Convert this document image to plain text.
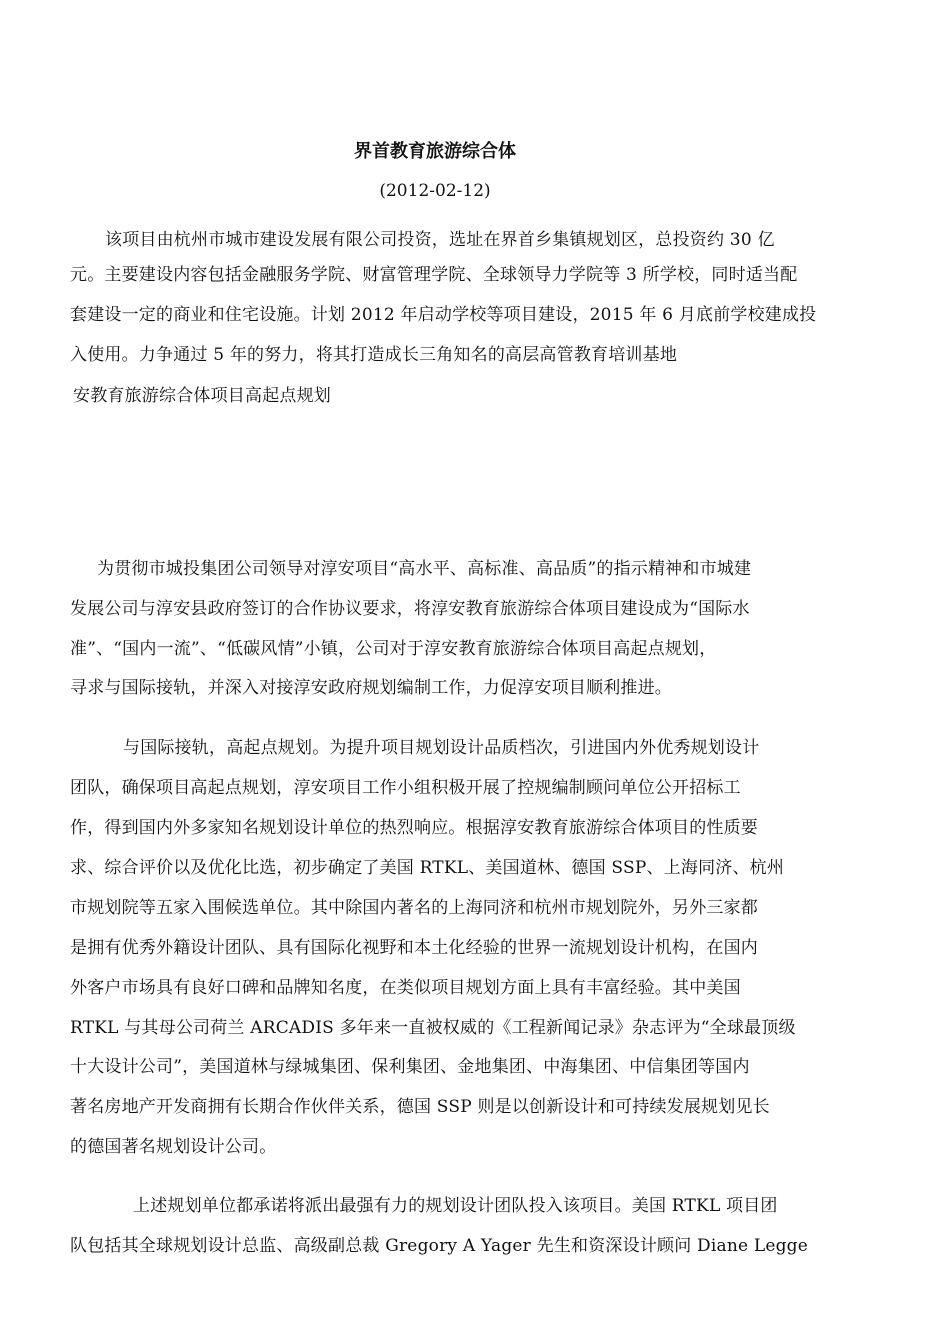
界首教育旅游综合体
(2012-02-12)
该项目由杭州市城市建设发展有限公司投资，选址在界首乡集镇规划区，总投资约 30 亿
元。主要建设内容包括金融服务学院、财富管理学院、全球领导力学院等 3 所学校，同时适当配
套建设一定的商业和住宅设施。计划 2012 年启动学校等项目建设，2015 年 6 月底前学校建成投
入使用。力争通过 5 年的努力，将其打造成长三角知名的高层高管教育培训基地
安教育旅游综合体项目高起点规划
为贯彻市城投集团公司领导对淳安项目“高水平、高标准、高品质”的指示精神和市城建
发展公司与淳安县政府签订的合作协议要求，将淳安教育旅游综合体项目建设成为“国际水
准”、“国内一流”、“低碳风情”小镇，公司对于淳安教育旅游综合体项目高起点规划，
寻求与国际接轨，并深入对接淳安政府规划编制工作，力促淳安项目顺利推进。
与国际接轨，高起点规划。为提升项目规划设计品质档次，引进国内外优秀规划设计
团队，确保项目高起点规划，淳安项目工作小组积极开展了控规编制顾问单位公开招标工
作，得到国内外多家知名规划设计单位的热烈响应。根据淳安教育旅游综合体项目的性质要
求、综合评价以及优化比选，初步确定了美国 RTKL、美国道林、德国 SSP、上海同济、杭州
市规划院等五家入围候选单位。其中除国内著名的上海同济和杭州市规划院外，另外三家都
是拥有优秀外籍设计团队、具有国际化视野和本土化经验的世界一流规划设计机构，在国内
外客户市场具有良好口碑和品牌知名度，在类似项目规划方面上具有丰富经验。其中美国
RTKL 与其母公司荷兰 ARCADIS 多年来一直被权威的《工程新闻记录》杂志评为“全球最顶级
十大设计公司”，美国道林与绿城集团、保利集团、金地集团、中海集团、中信集团等国内
著名房地产开发商拥有长期合作伙伴关系，德国 SSP 则是以创新设计和可持续发展规划见长
的德国著名规划设计公司。
上述规划单位都承诺将派出最强有力的规划设计团队投入该项目。美国 RTKL 项目团
队包括其全球规划设计总监、高级副总裁 Gregory A Yager 先生和资深设计顾问 Diane Legge
